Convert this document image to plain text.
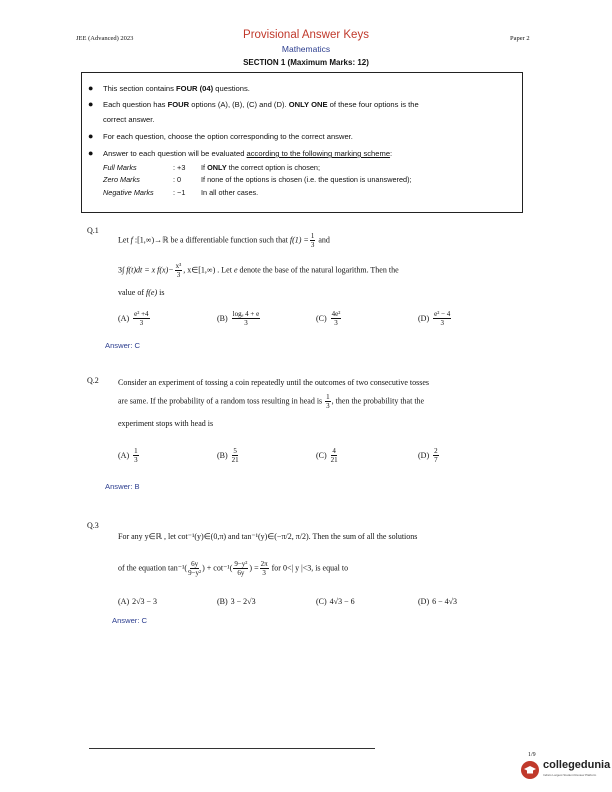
JEE (Advanced) 2023	Provisional Answer Keys	Paper 2
Mathematics
SECTION 1 (Maximum Marks: 12)
● This section contains FOUR (04) questions.
● Each question has FOUR options (A), (B), (C) and (D). ONLY ONE of these four options is the
correct answer.
● For each question, choose the option corresponding to the correct answer.
● Answer to each question will be evaluated according to the following marking scheme:
Full Marks	: +3 If ONLY the correct option is chosen;
Zero Marks	: 0	If none of the options is chosen (i.e. the question is unanswered);
Negative Marks	: −1 In all other cases.
Q.1
Let f :[1,∞)→ℝ be a differentiable function such that $f(1) = \frac{1}{3}$ and
3∫ f(t)dt = x $f(x)- \frac{\text{x³}}{3}$ , x∈[1,∞) . Let e denote the base of the natural logarithm. Then the
value of f(e) is
$(A) \frac{\text{e² +4}}{3}$	$(B) \frac{\text{logₑ 4 + e}}{3}$	$(C) \frac{\text{4e²}}{3}$	$(D) \frac{\text{e² − 4}}{3}$
Answer: C
Q.2 Consider an experiment of tossing a coin repeatedly until the outcomes of two consecutive tosses
are same. If the probability of a random toss resulting in head is $\frac{1}{3}$ , then the probability that the
experiment stops with head is
$(A) \frac{1}{3}$	$(B) \frac{5}{21}$	$(C) \frac{4}{21}$	$(D) \frac{2}{7}$
Answer: B
Q.3
For any y∈ℝ , let cot⁻¹(y)∈(0,π) and tan⁻¹(y)∈(−π/2, π/2). Then the sum of all the solutions
of the equation $\tan^{-1}( \frac{6y}{\text{9−y²}}$ ) + $\cot^{-1}( \frac{\text{9−y²}}{6y}$ ) = $\frac{2\pi}{3}$ for 0<| y |<3, is equal to
(A) 2√3 − 3	(B) 3 − 2√3	(C) 4√3 − 6	(D) 6 − 4√3
Answer: C
1/9
collegedunia
India's Largest Student Review Platform
